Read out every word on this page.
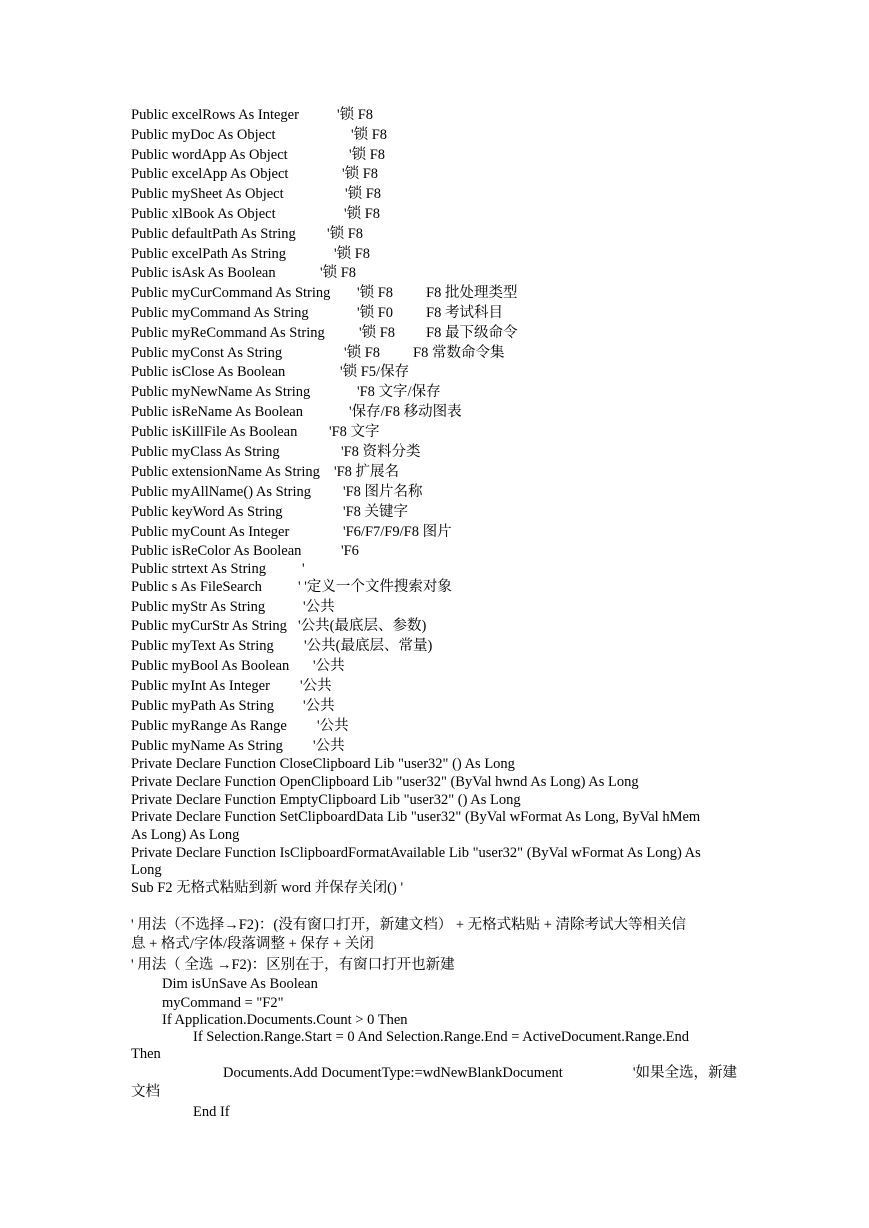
Public excelRows As Integer	'锁 F8
Public myDoc As Object	'锁 F8
Public wordApp As Object	'锁 F8
Public excelApp As Object	'锁 F8
Public mySheet As Object	'锁 F8
Public xlBook As Object	'锁 F8
Public defaultPath As String '锁 F8
Public excelPath As String	'锁 F8
Public isAsk As Boolean	'锁 F8
Public myCurCommand As String '锁 F8 F8 批处理类型
Public myCommand As String	'锁 F0 F8 考试科目
Public myReCommand As String '锁 F8 F8 最下级命令
Public myConst As String	'锁 F8 F8 常数命令集
Public isClose As Boolean	'锁 F5/保存
Public myNewName As String	'F8 文字/保存
Public isReName As Boolean	'保存/F8 移动图表
Public isKillFile As Boolean 'F8 文字
Public myClass As String	'F8 资料分类
Public extensionName As String 'F8 扩展名
Public myAllName() As String 'F8 图片名称
Public keyWord As String	'F8 关键字
Public myCount As Integer	'F6/F7/F9/F8 图片
Public isReColor As Boolean	'F6
Public strtext As String '
Public s As FileSearch ' '定义一个文件搜索对象
Public myStr As String	'公共
Public myCurStr As String '公共(最底层、参数)
Public myText As String '公共(最底层、常量)
Public myBool As Boolean '公共
Public myInt As Integer '公共
Public myPath As String '公共
Public myRange As Range '公共
Public myName As String '公共
Private Declare Function CloseClipboard Lib "user32" () As Long
Private Declare Function OpenClipboard Lib "user32" (ByVal hwnd As Long) As Long
Private Declare Function EmptyClipboard Lib "user32" () As Long
Private Declare Function SetClipboardData Lib "user32" (ByVal wFormat As Long, ByVal hMem
As Long) As Long
Private Declare Function IsClipboardFormatAvailable Lib "user32" (ByVal wFormat As Long) As
Long
Sub F2 无格式粘贴到新 word 并保存关闭() '
' 用法（不选择→F2)：(没有窗口打开，新建文档） + 无格式粘贴 + 清除考试大等相关信
息 + 格式/字体/段落调整 + 保存 + 关闭
' 用法（ 全选 →F2)：区别在于，有窗口打开也新建
Dim isUnSave As Boolean
myCommand = "F2"
If Application.Documents.Count > 0 Then
If Selection.Range.Start = 0 And Selection.Range.End = ActiveDocument.Range.End
Then
Documents.Add DocumentType:=wdNewBlankDocument	'如果全选，新建
文档
End If
